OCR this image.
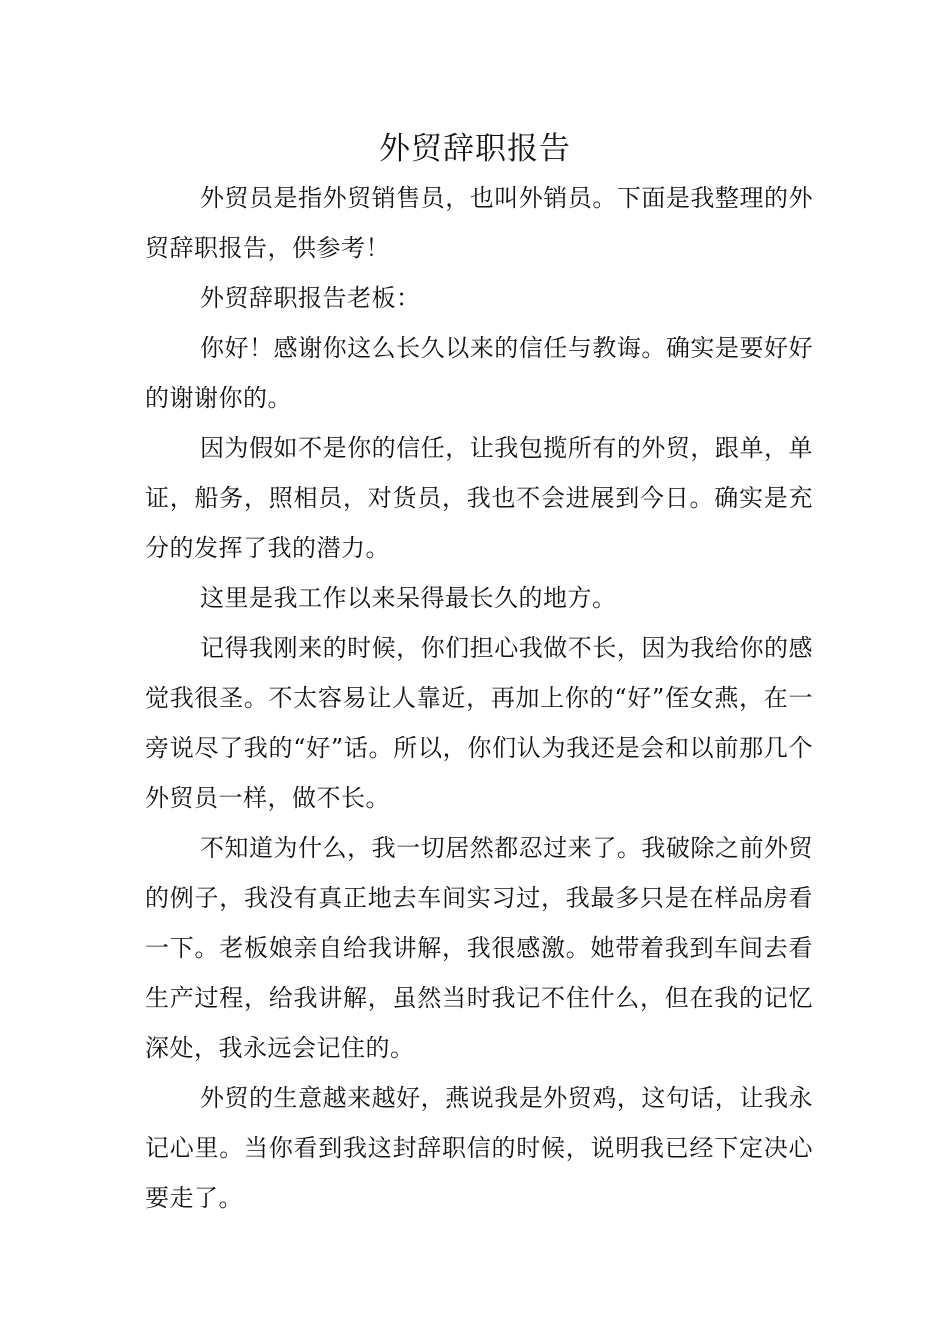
外贸辞职报告

外贸员是指外贸销售员，也叫外销员。下面是我整理的外贸辞职报告，供参考！

外贸辞职报告老板：

你好！感谢你这么长久以来的信任与教诲。确实是要好好的谢谢你的。

因为假如不是你的信任，让我包揽所有的外贸，跟单，单证，船务，照相员，对货员，我也不会进展到今日。确实是充分的发挥了我的潜力。

这里是我工作以来呆得最长久的地方。

记得我刚来的时候，你们担心我做不长，因为我给你的感觉我很圣。不太容易让人靠近，再加上你的“好”侄女燕，在一旁说尽了我的“好”话。所以，你们认为我还是会和以前那几个外贸员一样，做不长。

不知道为什么，我一切居然都忍过来了。我破除之前外贸的例子，我没有真正地去车间实习过，我最多只是在样品房看一下。老板娘亲自给我讲解，我很感激。她带着我到车间去看生产过程，给我讲解，虽然当时我记不住什么，但在我的记忆深处，我永远会记住的。

外贸的生意越来越好，燕说我是外贸鸡，这句话，让我永记心里。当你看到我这封辞职信的时候，说明我已经下定决心要走了。
